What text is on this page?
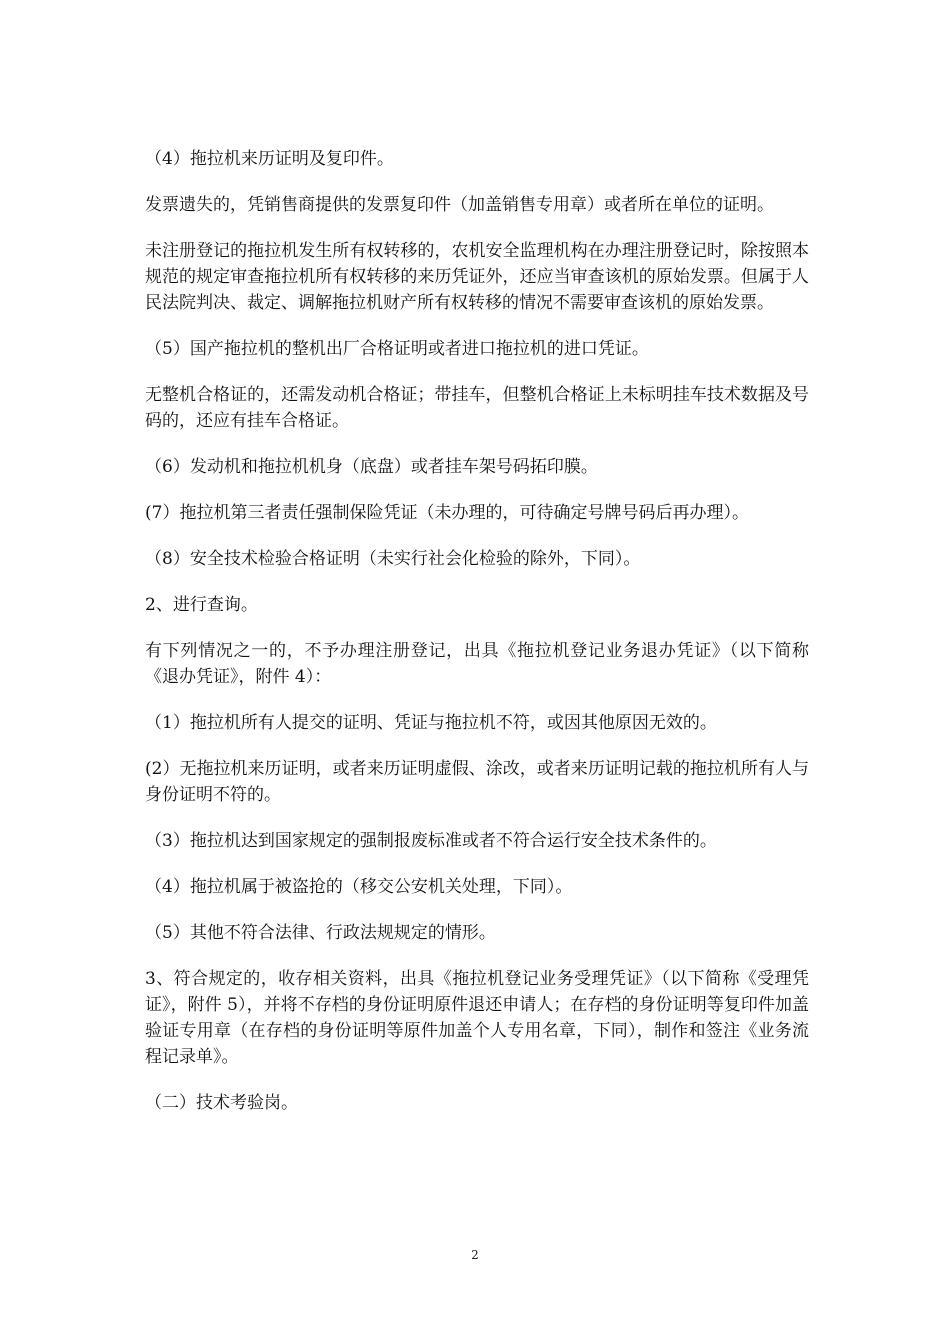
（4）拖拉机来历证明及复印件。

发票遗失的，凭销售商提供的发票复印件（加盖销售专用章）或者所在单位的证明。

未注册登记的拖拉机发生所有权转移的，农机安全监理机构在办理注册登记时，除按照本规范的规定审查拖拉机所有权转移的来历凭证外，还应当审查该机的原始发票。但属于人民法院判决、裁定、调解拖拉机财产所有权转移的情况不需要审查该机的原始发票。

（5）国产拖拉机的整机出厂合格证明或者进口拖拉机的进口凭证。

无整机合格证的，还需发动机合格证；带挂车，但整机合格证上未标明挂车技术数据及号码的，还应有挂车合格证。

（6）发动机和拖拉机机身（底盘）或者挂车架号码拓印膜。

(7）拖拉机第三者责任强制保险凭证（未办理的，可待确定号牌号码后再办理）。

（8）安全技术检验合格证明（未实行社会化检验的除外，下同）。

2、进行查询。

有下列情况之一的，不予办理注册登记，出具《拖拉机登记业务退办凭证》（以下简称《退办凭证》，附件 4）：

（1）拖拉机所有人提交的证明、凭证与拖拉机不符，或因其他原因无效的。

(2）无拖拉机来历证明，或者来历证明虚假、涂改，或者来历证明记载的拖拉机所有人与身份证明不符的。

（3）拖拉机达到国家规定的强制报废标准或者不符合运行安全技术条件的。

（4）拖拉机属于被盗抢的（移交公安机关处理，下同）。

（5）其他不符合法律、行政法规规定的情形。

3、符合规定的，收存相关资料，出具《拖拉机登记业务受理凭证》（以下简称《受理凭证》，附件 5），并将不存档的身份证明原件退还申请人；在存档的身份证明等复印件加盖验证专用章（在存档的身份证明等原件加盖个人专用名章，下同），制作和签注《业务流程记录单》。

（二）技术考验岗。

2
